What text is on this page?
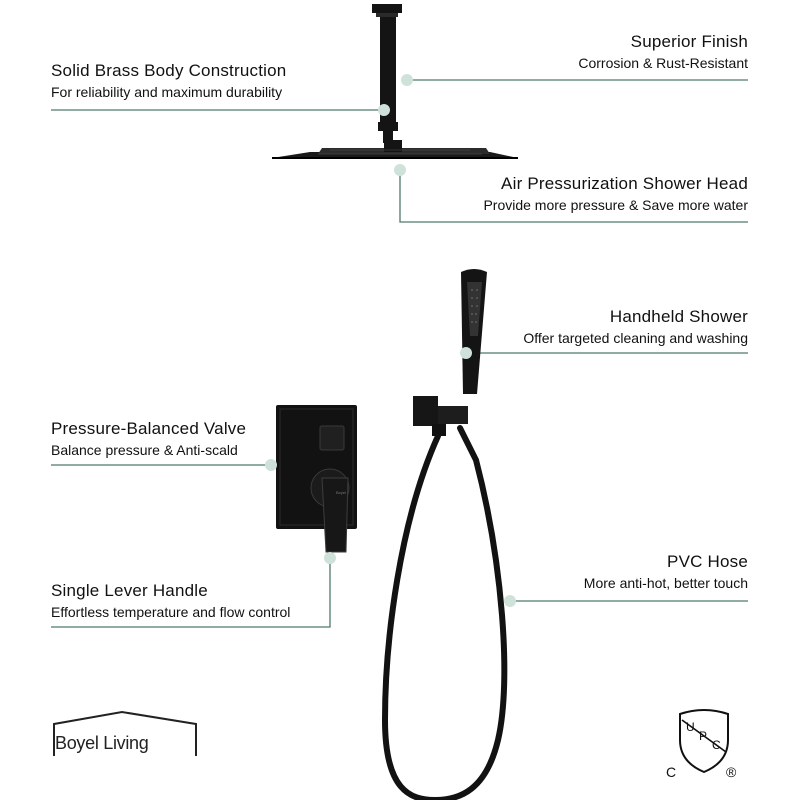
Boyel
Solid Brass Body Construction
For reliability and maximum durability
Superior Finish
Corrosion & Rust-Resistant
Air Pressurization Shower Head
Provide more pressure & Save more water
Handheld Shower
Offer targeted cleaning and washing
Pressure-Balanced Valve
Balance pressure & Anti-scald
Single Lever Handle
Effortless temperature and flow control
PVC Hose
More anti-hot, better touch
Boyel Living
U
P
C
C	®
